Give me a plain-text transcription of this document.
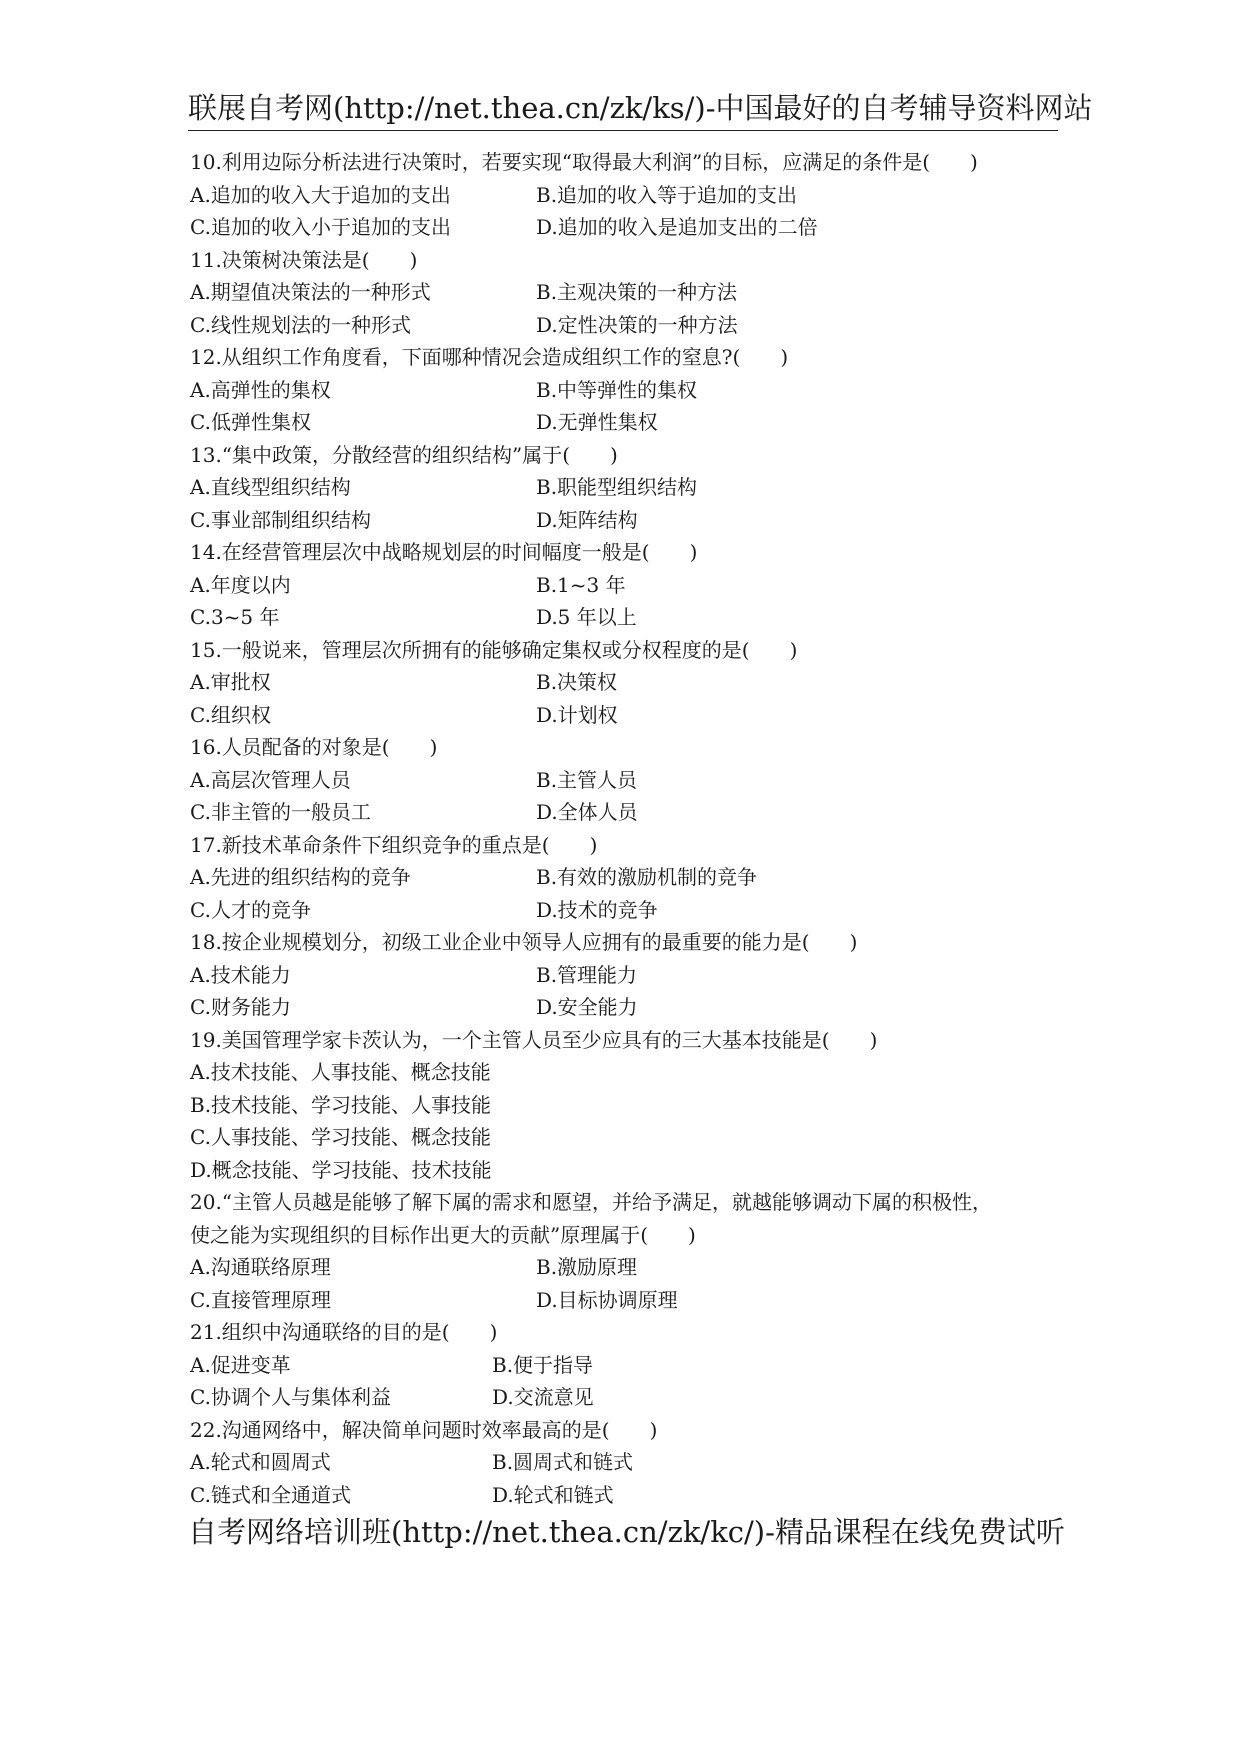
联展自考网(http://net.thea.cn/zk/ks/)-中国最好的自考辅导资料网站
10.利用边际分析法进行决策时，若要实现“取得最大利润”的目标，应满足的条件是(　　)
A.追加的收入大于追加的支出	B.追加的收入等于追加的支出
C.追加的收入小于追加的支出	D.追加的收入是追加支出的二倍
11.决策树决策法是(　　)
A.期望值决策法的一种形式	B.主观决策的一种方法
C.线性规划法的一种形式	D.定性决策的一种方法
12.从组织工作角度看，下面哪种情况会造成组织工作的窒息?(　　)
A.高弹性的集权	B.中等弹性的集权
C.低弹性集权	D.无弹性集权
13.“集中政策，分散经营的组织结构”属于(　　)
A.直线型组织结构	B.职能型组织结构
C.事业部制组织结构	D.矩阵结构
14.在经营管理层次中战略规划层的时间幅度一般是(　　)
A.年度以内	B.1~3 年
C.3~5 年	D.5 年以上
15.一般说来，管理层次所拥有的能够确定集权或分权程度的是(　　)
A.审批权	B.决策权
C.组织权	D.计划权
16.人员配备的对象是(　　)
A.高层次管理人员	B.主管人员
C.非主管的一般员工	D.全体人员
17.新技术革命条件下组织竞争的重点是(　　)
A.先进的组织结构的竞争	B.有效的激励机制的竞争
C.人才的竞争	D.技术的竞争
18.按企业规模划分，初级工业企业中领导人应拥有的最重要的能力是(　　)
A.技术能力	B.管理能力
C.财务能力	D.安全能力
19.美国管理学家卡茨认为，一个主管人员至少应具有的三大基本技能是(　　)
A.技术技能、人事技能、概念技能
B.技术技能、学习技能、人事技能
C.人事技能、学习技能、概念技能
D.概念技能、学习技能、技术技能
20.“主管人员越是能够了解下属的需求和愿望，并给予满足，就越能够调动下属的积极性，
使之能为实现组织的目标作出更大的贡献”原理属于(　　)
A.沟通联络原理	B.激励原理
C.直接管理原理	D.目标协调原理
21.组织中沟通联络的目的是(　　)
A.促进变革	B.便于指导
C.协调个人与集体利益	D.交流意见
22.沟通网络中，解决简单问题时效率最高的是(　　)
A.轮式和圆周式	B.圆周式和链式
C.链式和全通道式	D.轮式和链式
自考网络培训班(http://net.thea.cn/zk/kc/)-精品课程在线免费试听
